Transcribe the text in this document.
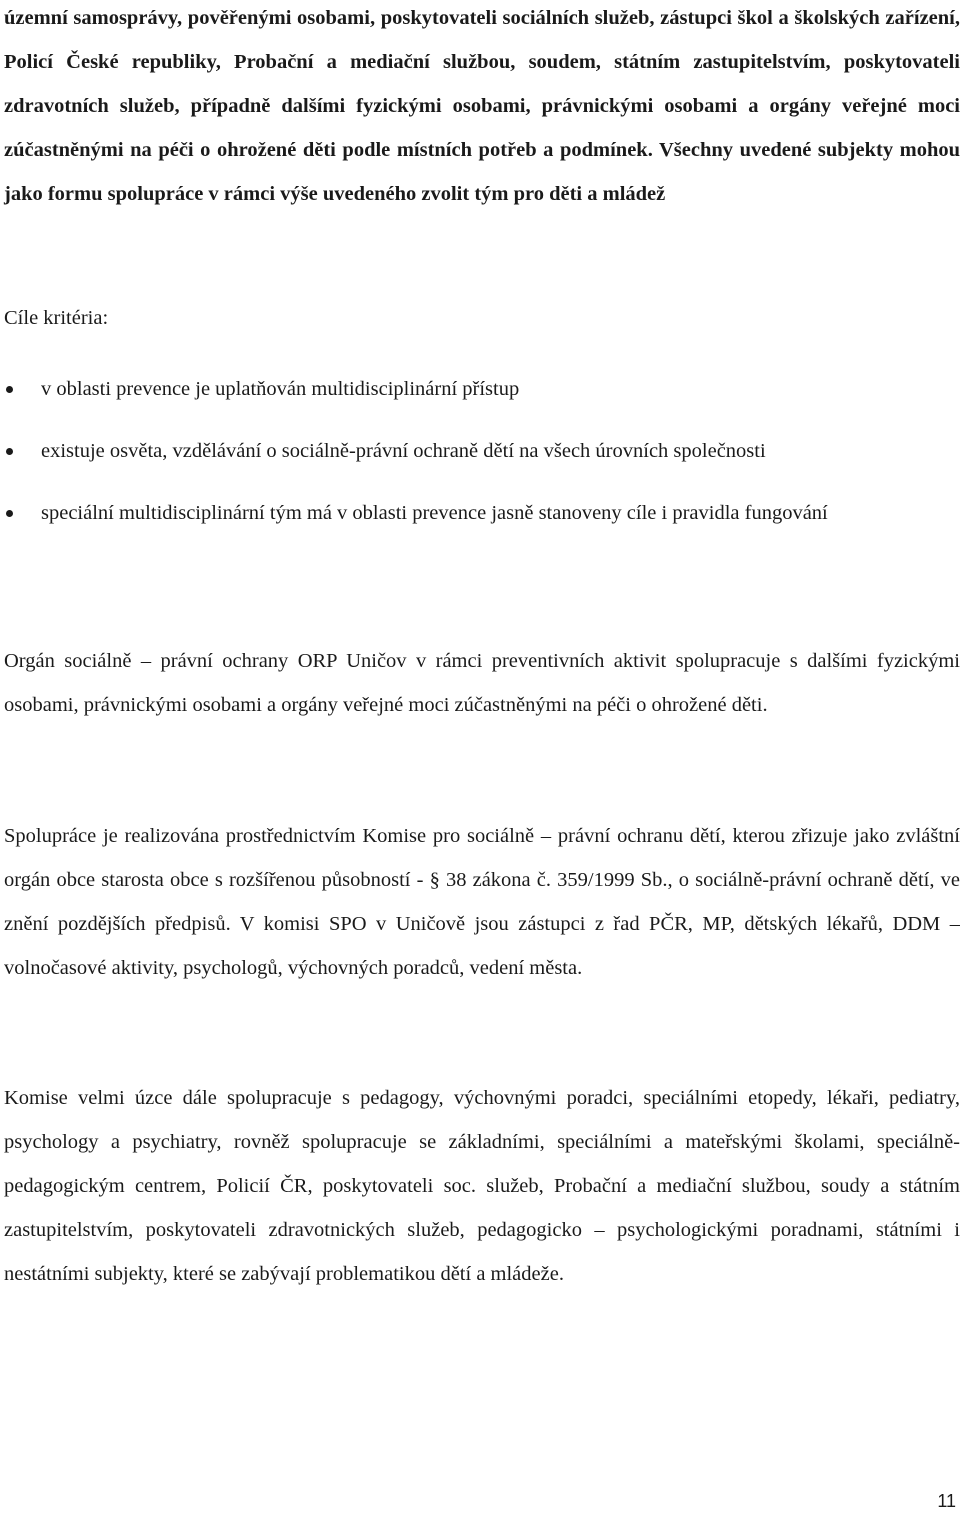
územní samosprávy, pověřenými osobami, poskytovateli sociálních služeb, zástupci škol a školských zařízení, Policí České republiky, Probační a mediační službou, soudem, státním zastupitelstvím, poskytovateli zdravotních služeb, případně dalšími fyzickými osobami, právnickými osobami a orgány veřejné moci zúčastněnými na péči o ohrožené děti podle místních potřeb a podmínek. Všechny uvedené subjekty mohou jako formu spolupráce v rámci výše uvedeného zvolit tým pro děti a mládež

Cíle kritéria:

v oblasti prevence je uplatňován multidisciplinární přístup
existuje osvěta, vzdělávání o sociálně-právní ochraně dětí na všech úrovních společnosti
speciální multidisciplinární tým má v oblasti prevence jasně stanoveny cíle i pravidla fungování

Orgán sociálně – právní ochrany ORP Uničov v rámci preventivních aktivit spolupracuje s dalšími fyzickými osobami, právnickými osobami a orgány veřejné moci zúčastněnými na péči o ohrožené děti.

Spolupráce je realizována prostřednictvím Komise pro sociálně – právní ochranu dětí, kterou zřizuje jako zvláštní orgán obce starosta obce s rozšířenou působností - § 38 zákona č. 359/1999 Sb., o sociálně-právní ochraně dětí, ve znění pozdějších předpisů. V komisi SPO v Uničově jsou zástupci z řad PČR, MP, dětských lékařů, DDM – volnočasové aktivity, psychologů, výchovných poradců, vedení města.

Komise velmi úzce dále spolupracuje s pedagogy, výchovnými poradci, speciálními etopedy, lékaři, pediatry, psychology a psychiatry, rovněž spolupracuje se základními, speciálními a mateřskými školami, speciálně-pedagogickým centrem, Policií ČR, poskytovateli soc. služeb, Probační a mediační službou, soudy a státním zastupitelstvím, poskytovateli zdravotnických služeb, pedagogicko – psychologickými poradnami, státními i nestátními subjekty, které se zabývají problematikou dětí a mládeže.

11
